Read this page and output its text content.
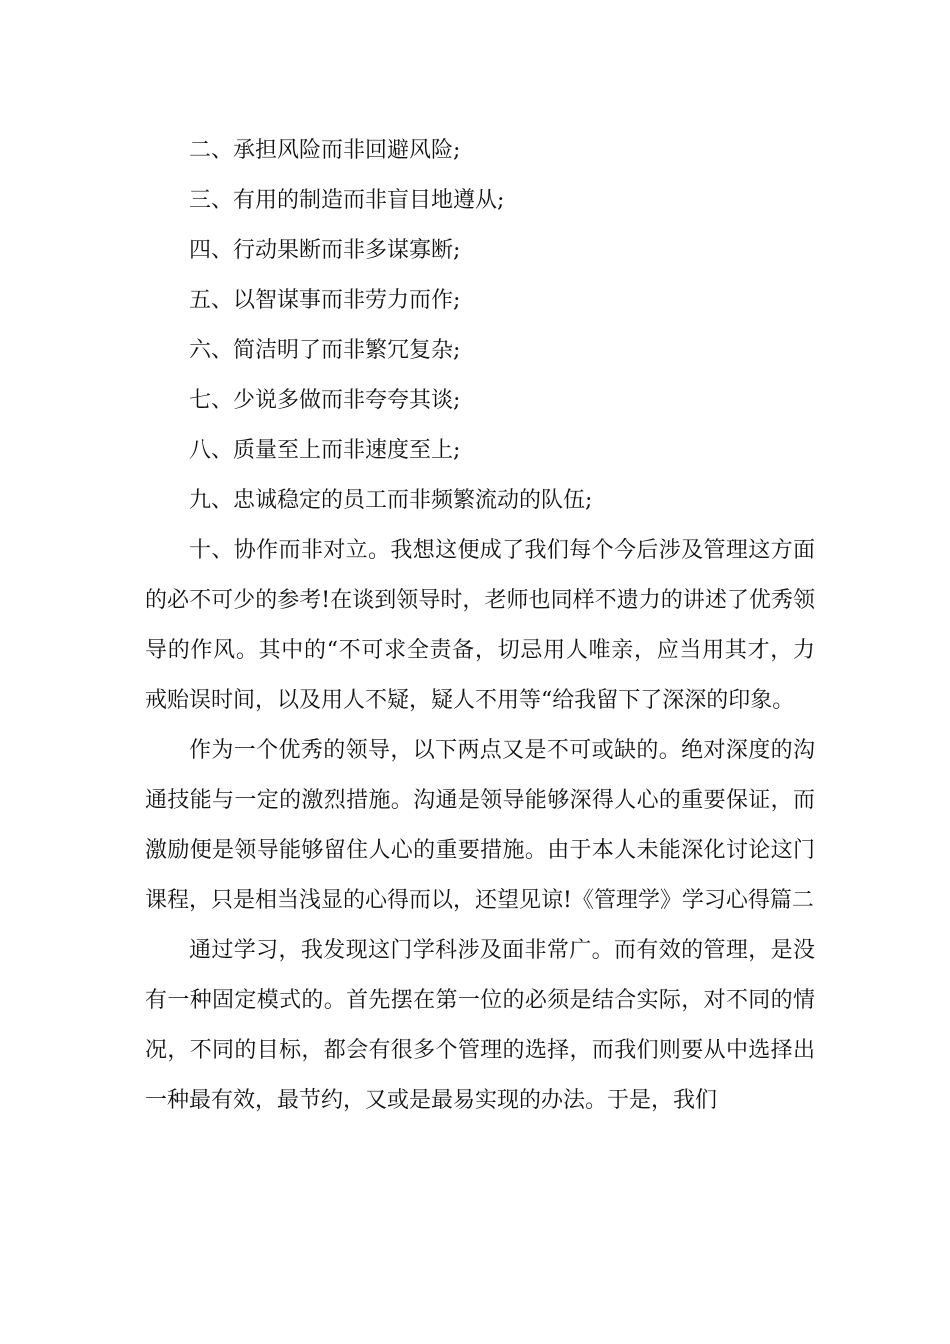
二、承担风险而非回避风险;

三、有用的制造而非盲目地遵从;

四、行动果断而非多谋寡断;

五、以智谋事而非劳力而作;

六、简洁明了而非繁冗复杂;

七、少说多做而非夸夸其谈;

八、质量至上而非速度至上;

九、忠诚稳定的员工而非频繁流动的队伍;

十、协作而非对立。我想这便成了我们每个今后涉及管理这方面的必不可少的参考!在谈到领导时，老师也同样不遗力的讲述了优秀领导的作风。其中的“不可求全责备，切忌用人唯亲，应当用其才，力戒贻误时间，以及用人不疑，疑人不用等“给我留下了深深的印象。

作为一个优秀的领导，以下两点又是不可或缺的。绝对深度的沟通技能与一定的激烈措施。沟通是领导能够深得人心的重要保证，而激励便是领导能够留住人心的重要措施。由于本人未能深化讨论这门课程，只是相当浅显的心得而以，还望见谅!《管理学》学习心得篇二

通过学习，我发现这门学科涉及面非常广。而有效的管理，是没有一种固定模式的。首先摆在第一位的必须是结合实际，对不同的情况，不同的目标，都会有很多个管理的选择，而我们则要从中选择出一种最有效，最节约，又或是最易实现的办法。于是，我们
